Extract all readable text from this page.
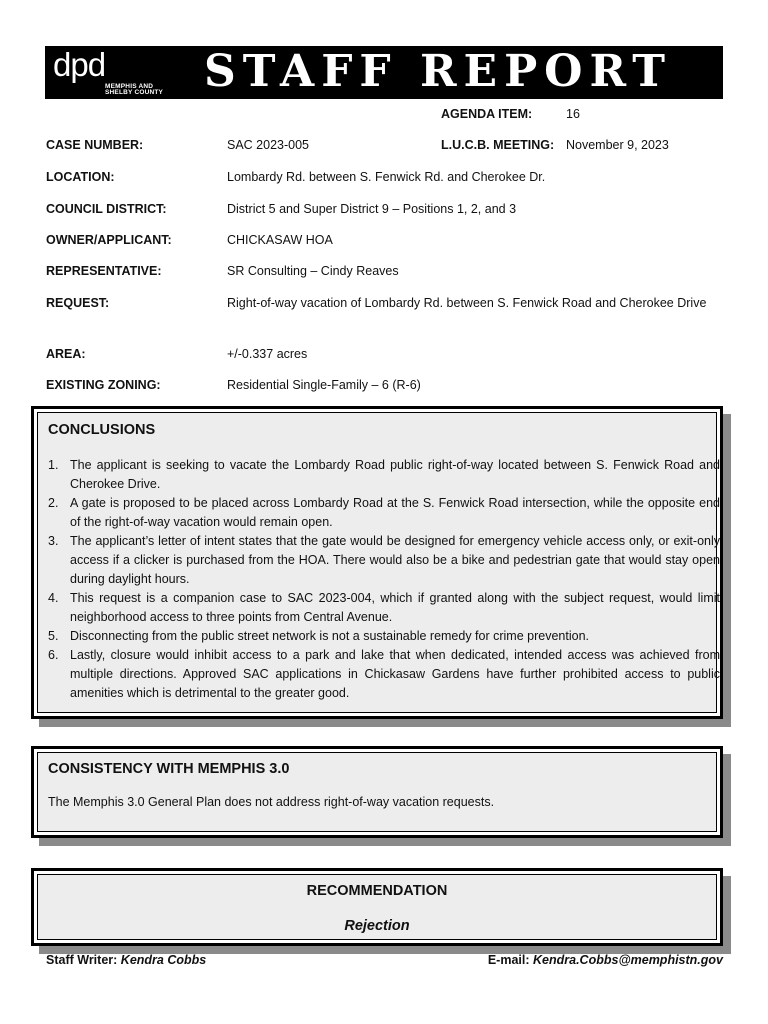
dpd
MEMPHIS AND
SHELBY COUNTY STAFF REPORT
AGENDA ITEM:	16
CASE NUMBER:	SAC 2023-005	L.U.C.B. MEETING: November 9, 2023
LOCATION:	Lombardy Rd. between S. Fenwick Rd. and Cherokee Dr.
COUNCIL DISTRICT:	District 5 and Super District 9 – Positions 1, 2, and 3
OWNER/APPLICANT:	CHICKASAW HOA
REPRESENTATIVE:	SR Consulting – Cindy Reaves
REQUEST:	Right-of-way vacation of Lombardy Rd. between S. Fenwick Road and Cherokee Drive
AREA:	+/-0.337 acres
EXISTING ZONING:	Residential Single-Family – 6 (R-6)
CONCLUSIONS
1. The applicant is seeking to vacate the Lombardy Road public right-of-way located between S. Fenwick Road and Cherokee Drive.
2. A gate is proposed to be placed across Lombardy Road at the S. Fenwick Road intersection, while the opposite end of the right-of-way vacation would remain open.
3. The applicant’s letter of intent states that the gate would be designed for emergency vehicle access only, or exit-only access if a clicker is purchased from the HOA. There would also be a bike and pedestrian gate that would stay open during daylight hours.
4. This request is a companion case to SAC 2023-004, which if granted along with the subject request, would limit neighborhood access to three points from Central Avenue.
5. Disconnecting from the public street network is not a sustainable remedy for crime prevention.
6. Lastly, closure would inhibit access to a park and lake that when dedicated, intended access was achieved from multiple directions. Approved SAC applications in Chickasaw Gardens have further prohibited access to public amenities which is detrimental to the greater good.
CONSISTENCY WITH MEMPHIS 3.0
The Memphis 3.0 General Plan does not address right-of-way vacation requests.
RECOMMENDATION
Rejection
Staff Writer: Kendra Cobbs	E-mail: Kendra.Cobbs@memphistn.gov
